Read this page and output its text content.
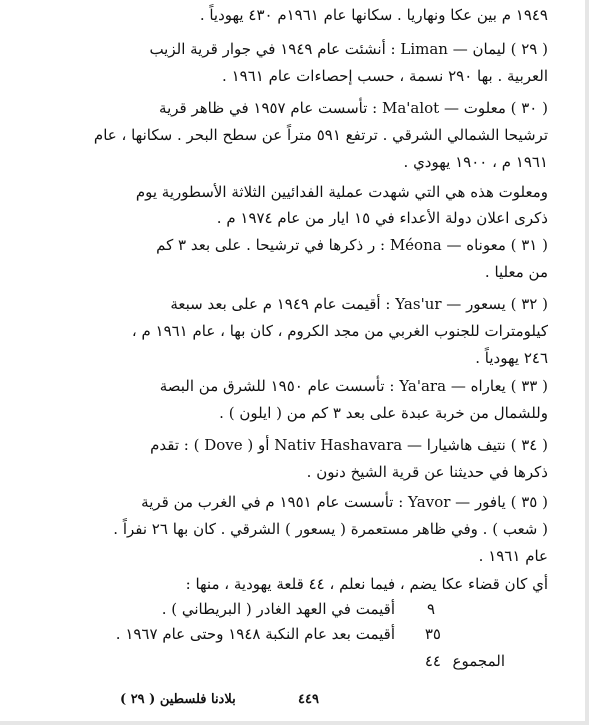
١٩٤٩ م بين عكا ونهاريا . سكانها عام ١٩٦١م ٤٣٠ يهودياً .
( ٢٩ ) ليمان — Liman : أنشئت عام ١٩٤٩ في جوار قرية الزيب
العربية . بها ٢٩٠ نسمة ، حسب إحصاءات عام ١٩٦١ .
( ٣٠ ) معلوت — Ma'alot : تأسست عام ١٩٥٧ في ظاهر قرية
ترشيحا الشمالي الشرقي . ترتفع ٥٩١ متراً عن سطح البحر . سكانها ، عام
١٩٦١ م ، ١٩٠٠ يهودي .
ومعلوت هذه هي التي شهدت عملية الفدائيين الثلاثة الأسطورية يوم
ذكرى اعلان دولة الأعداء في ١٥ ايار من عام ١٩٧٤ م .
( ٣١ ) معوناه — Méona : ر ذكرها في ترشيحا . على بعد ٣ كم
من معليا .
( ٣٢ ) يسعور — Yas'ur : أقيمت عام ١٩٤٩ م على بعد سبعة
كيلومترات للجنوب الغربي من مجد الكروم ، كان بها ، عام ١٩٦١ م ،
٢٤٦ يهودياً .
( ٣٣ ) يعاراه — Ya'ara : تأسست عام ١٩٥٠ للشرق من البصة
وللشمال من خربة عبدة على بعد ٣ كم من ( ايلون ) .
( ٣٤ ) نتيف هاشيارا — Nativ Hashavara أو ( Dove ) : تقدم
ذكرها في حديثنا عن قرية الشيخ دنون .
( ٣٥ ) يافور — Yavor : تأسست عام ١٩٥١ م في الغرب من قرية
( شعب ) . وفي ظاهر مستعمرة ( يسعور ) الشرقي . كان بها ٢٦ نفراً .
عام ١٩٦١ .
أي كان قضاء عكا يضم ، فيما نعلم ، ٤٤ قلعة يهودية ، منها :
٩
أقيمت في العهد الغادر ( البريطاني ) .
٣٥
أقيمت بعد عام النكبة ١٩٤٨ وحتى عام ١٩٦٧ .
المجموع
٤٤
٤٤٩
بلادنا فلسطين ( ٢٩ )
